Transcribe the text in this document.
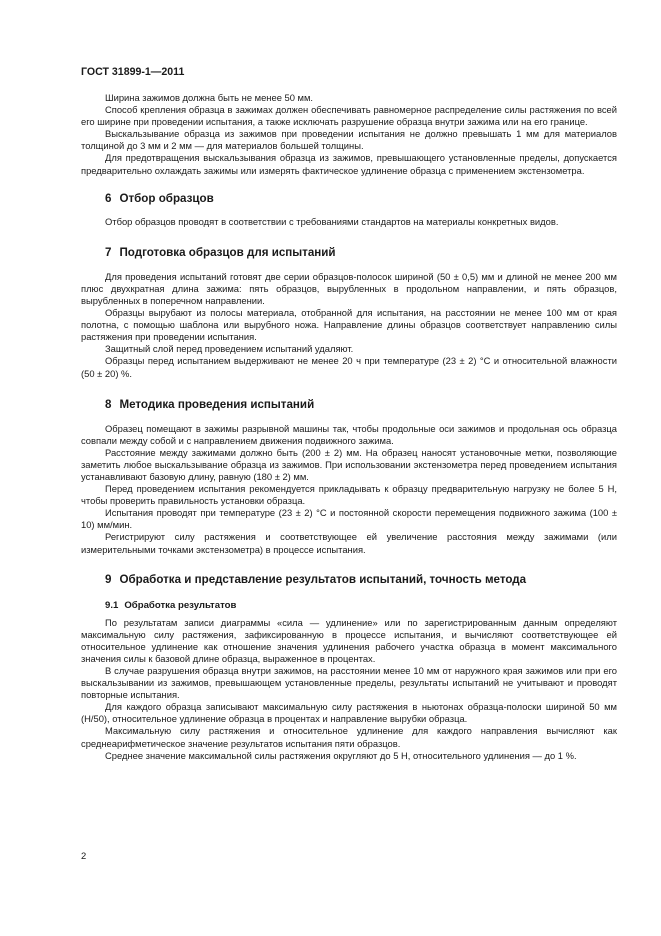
ГОСТ 31899-1—2011

Ширина зажимов должна быть не менее 50 мм.

Способ крепления образца в зажимах должен обеспечивать равномерное распределение силы растяжения по всей его ширине при проведении испытания, а также исключать разрушение образца внутри зажима или на его границе.

Выскальзывание образца из зажимов при проведении испытания не должно превышать 1 мм для материалов толщиной до 3 мм и 2 мм — для материалов большей толщины.

Для предотвращения выскальзывания образца из зажимов, превышающего установленные пределы, допускается предварительно охлаждать зажимы или измерять фактическое удлинение образца с применением экстензометра.

6 Отбор образцов

Отбор образцов проводят в соответствии с требованиями стандартов на материалы конкретных видов.

7 Подготовка образцов для испытаний

Для проведения испытаний готовят две серии образцов-полосок шириной (50 ± 0,5) мм и длиной не менее 200 мм плюс двухкратная длина зажима: пять образцов, вырубленных в продольном направлении, и пять образцов, вырубленных в поперечном направлении.

Образцы вырубают из полосы материала, отобранной для испытания, на расстоянии не менее 100 мм от края полотна, с помощью шаблона или вырубного ножа. Направление длины образцов соответствует направлению силы растяжения при проведении испытания.

Защитный слой перед проведением испытаний удаляют.

Образцы перед испытанием выдерживают не менее 20 ч при температуре (23 ± 2) °С и относительной влажности (50 ± 20) %.

8 Методика проведения испытаний

Образец помещают в зажимы разрывной машины так, чтобы продольные оси зажимов и продольная ось образца совпали между собой и с направлением движения подвижного зажима.

Расстояние между зажимами должно быть (200 ± 2) мм. На образец наносят установочные метки, позволяющие заметить любое выскальзывание образца из зажимов. При использовании экстензометра перед проведением испытания устанавливают базовую длину, равную (180 ± 2) мм.

Перед проведением испытания рекомендуется прикладывать к образцу предварительную нагрузку не более 5 Н, чтобы проверить правильность установки образца.

Испытания проводят при температуре (23 ± 2) °С и постоянной скорости перемещения подвижного зажима (100 ± 10) мм/мин.

Регистрируют силу растяжения и соответствующее ей увеличение расстояния между зажимами (или измерительными точками экстензометра) в процессе испытания.

9 Обработка и представление результатов испытаний, точность метода
9.1 Обработка результатов

По результатам записи диаграммы «сила — удлинение» или по зарегистрированным данным определяют максимальную силу растяжения, зафиксированную в процессе испытания, и вычисляют соответствующее ей относительное удлинение как отношение значения удлинения рабочего участка образца в момент максимального значения силы к базовой длине образца, выраженное в процентах.

В случае разрушения образца внутри зажимов, на расстоянии менее 10 мм от наружного края зажимов или при его выскальзывании из зажимов, превышающем установленные пределы, результаты испытаний не учитывают и проводят повторные испытания.

Для каждого образца записывают максимальную силу растяжения в ньютонах образца-полоски шириной 50 мм (Н/50), относительное удлинение образца в процентах и направление вырубки образца.

Максимальную силу растяжения и относительное удлинение для каждого направления вычисляют как среднеарифметическое значение результатов испытания пяти образцов.

Среднее значение максимальной силы растяжения округляют до 5 Н, относительного удлинения — до 1 %.

2
